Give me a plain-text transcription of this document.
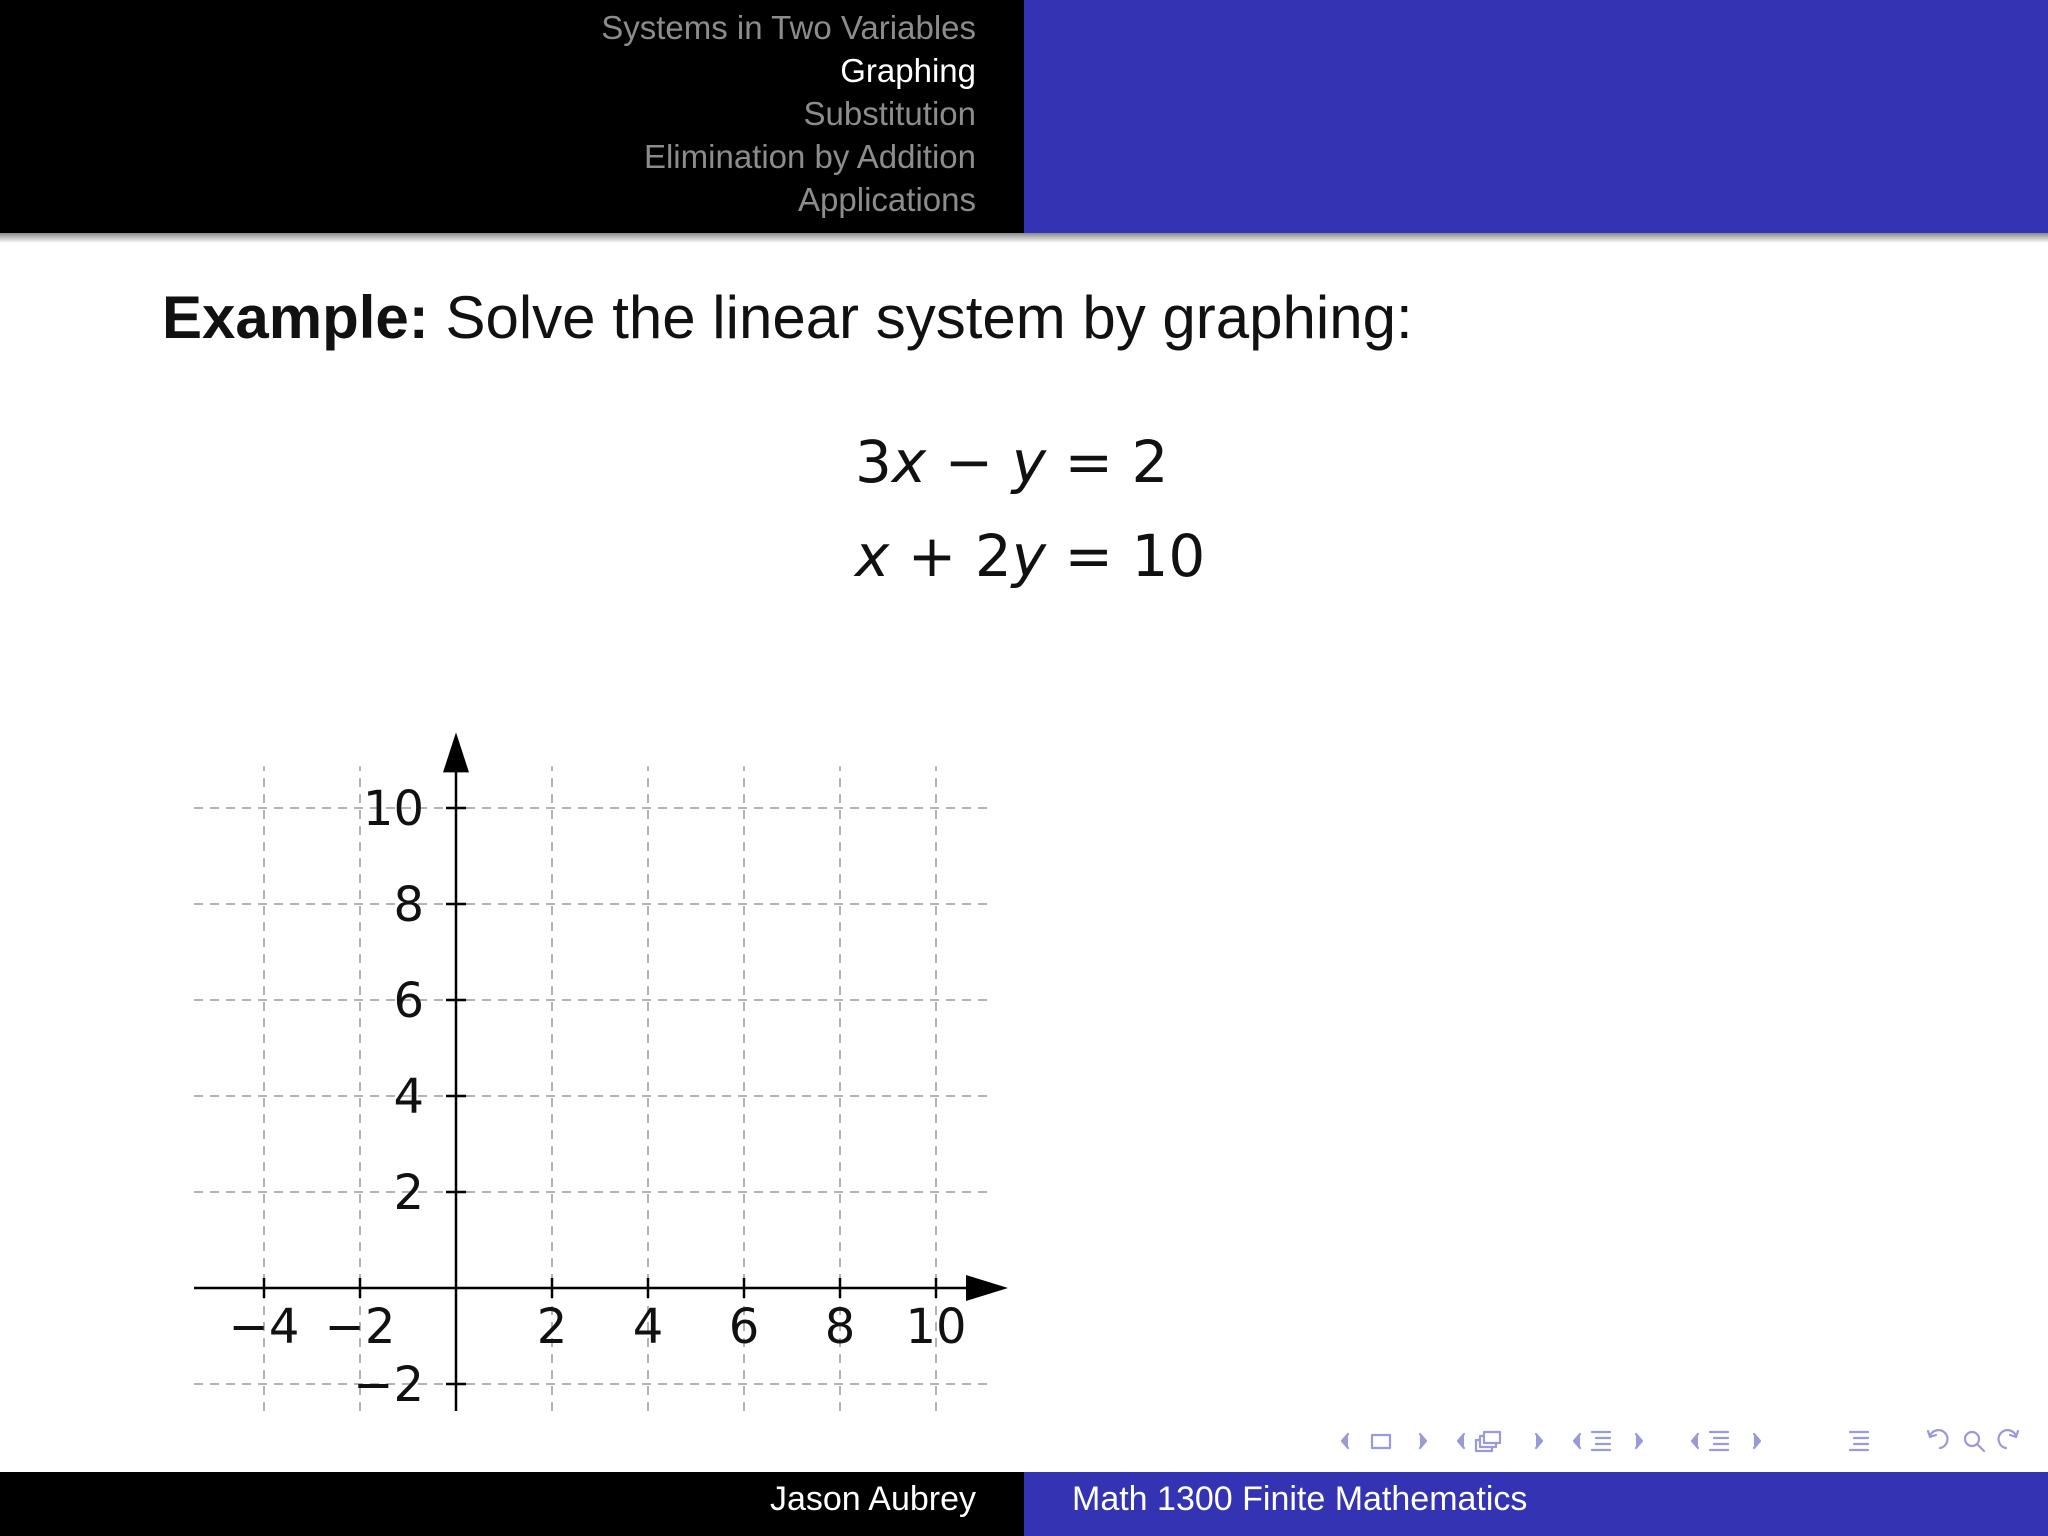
Systems in Two Variables
Graphing
Substitution
Elimination by Addition
Applications
Example: Solve the linear system by graphing:
3x − y = 2
x + 2y = 10
−4 −2	2 4 6 8 10
−2
2
4
6
8
10
Jason Aubrey	Math 1300 Finite Mathematics
